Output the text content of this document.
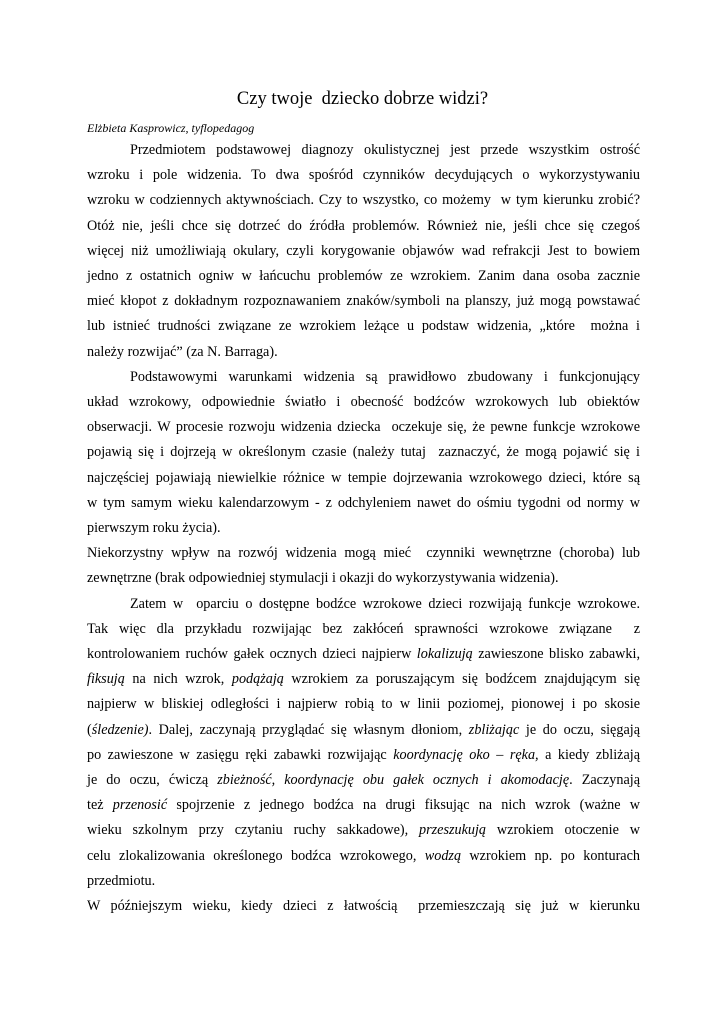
Czy twoje  dziecko dobrze widzi?
Elżbieta Kasprowicz, tyflopedagog

Przedmiotem podstawowej diagnozy okulistycznej jest przede wszystkim ostrość

wzroku i pole widzenia. To dwa spośród czynników decydujących o wykorzystywaniu

wzroku w codziennych aktywnościach. Czy to wszystko, co możemy  w tym kierunku zrobić?

Otóż nie, jeśli chce się dotrzeć do źródła problemów. Również nie, jeśli chce się czegoś

więcej niż umożliwiają okulary, czyli korygowanie objawów wad refrakcji Jest to bowiem

jedno z ostatnich ogniw w łańcuchu problemów ze wzrokiem. Zanim dana osoba zacznie

mieć kłopot z dokładnym rozpoznawaniem znaków/symboli na planszy, już mogą powstawać

lub istnieć trudności związane ze wzrokiem leżące u podstaw widzenia, „które  można i

należy rozwijać” (za N. Barraga).

Podstawowymi warunkami widzenia są prawidłowo zbudowany i funkcjonujący

układ wzrokowy, odpowiednie światło i obecność bodźców wzrokowych lub obiektów

obserwacji. W procesie rozwoju widzenia dziecka  oczekuje się, że pewne funkcje wzrokowe

pojawią się i dojrzeją w określonym czasie (należy tutaj  zaznaczyć, że mogą pojawić się i

najczęściej pojawiają niewielkie różnice w tempie dojrzewania wzrokowego dzieci, które są

w tym samym wieku kalendarzowym - z odchyleniem nawet do ośmiu tygodni od normy w

pierwszym roku życia).

Niekorzystny wpływ na rozwój widzenia mogą mieć  czynniki wewnętrzne (choroba) lub

zewnętrzne (brak odpowiedniej stymulacji i okazji do wykorzystywania widzenia).

Zatem w  oparciu o dostępne bodźce wzrokowe dzieci rozwijają funkcje wzrokowe.

Tak więc dla przykładu rozwijając bez zakłóceń sprawności wzrokowe związane  z

kontrolowaniem ruchów gałek ocznych dzieci najpierw lokalizują zawieszone blisko zabawki,

fiksują na nich wzrok, podążają wzrokiem za poruszającym się bodźcem znajdującym się

najpierw w bliskiej odległości i najpierw robią to w linii poziomej, pionowej i po skosie

(śledzenie). Dalej, zaczynają przyglądać się własnym dłoniom, zbliżając je do oczu, sięgają

po zawieszone w zasięgu ręki zabawki rozwijając koordynację oko – ręka, a kiedy zbliżają

je do oczu, ćwiczą zbieżność, koordynację obu gałek ocznych i akomodację. Zaczynają

też przenosić spojrzenie z jednego bodźca na drugi fiksując na nich wzrok (ważne w

wieku szkolnym przy czytaniu ruchy sakkadowe), przeszukują wzrokiem otoczenie w

celu zlokalizowania określonego bodźca wzrokowego, wodzą wzrokiem np. po konturach

przedmiotu.

W późniejszym wieku, kiedy dzieci z łatwością  przemieszczają się już w kierunku
